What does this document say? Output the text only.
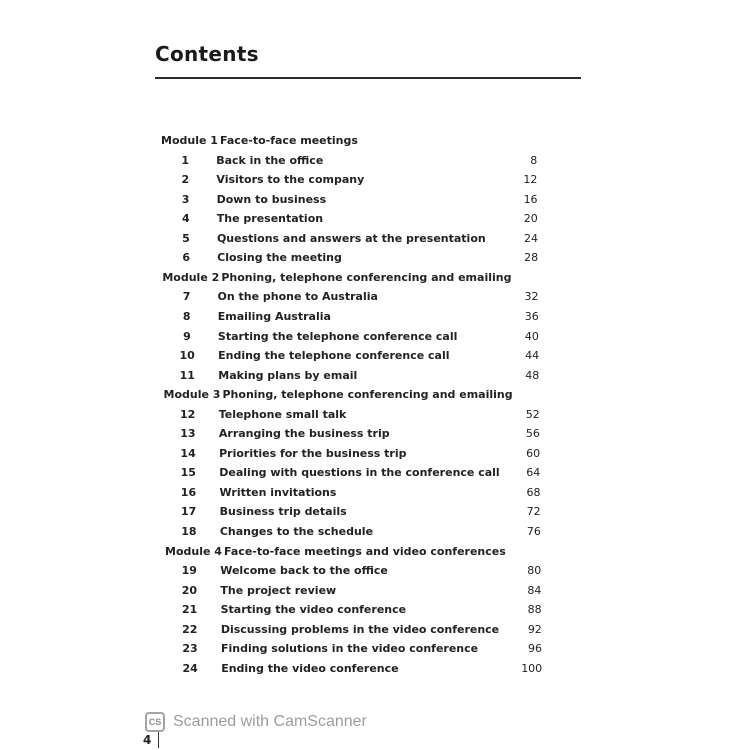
Contents
Module 1 Face-to-face meetings
1	Back in the office	8
2	Visitors to the company	12
3	Down to business	16
4	The presentation	20
5	Questions and answers at the presentation	24
6	Closing the meeting	28
Module 2 Phoning, telephone conferencing and emailing
7	On the phone to Australia	32
8	Emailing Australia	36
9	Starting the telephone conference call	40
10	Ending the telephone conference call	44
11	Making plans by email	48
Module 3 Phoning, telephone conferencing and emailing
12	Telephone small talk	52
13	Arranging the business trip	56
14	Priorities for the business trip	60
15	Dealing with questions in the conference call	64
16	Written invitations	68
17	Business trip details	72
18	Changes to the schedule	76
Module 4 Face-to-face meetings and video conferences
19	Welcome back to the office	80
20	The project review	84
21	Starting the video conference	88
22	Discussing problems in the video conference	92
23	Finding solutions in the video conference	96
24	Ending the video conference	100
CS Scanned with CamScanner
4
